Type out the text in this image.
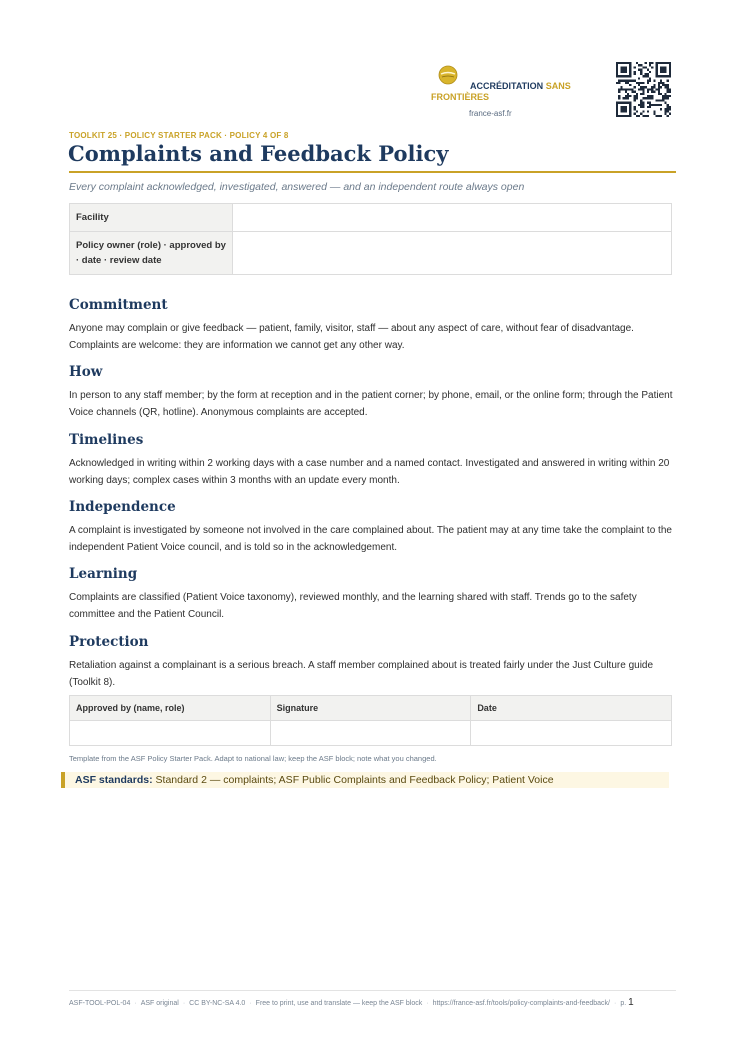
ACCRÉDITATION SANS
FRONTIÈRES
france-asf.fr
TOOLKIT 25 · POLICY STARTER PACK · POLICY 4 OF 8
Complaints and Feedback Policy
Every complaint acknowledged, investigated, answered — and an independent route always open
Facility	
Policy owner (role) · approved by · date · review date	
Commitment

Anyone may complain or give feedback — patient, family, visitor, staff — about any aspect of care, without fear of disadvantage. Complaints are welcome: they are information we cannot get any other way.

How

In person to any staff member; by the form at reception and in the patient corner; by phone, email, or the online form; through the Patient Voice channels (QR, hotline). Anonymous complaints are accepted.

Timelines

Acknowledged in writing within 2 working days with a case number and a named contact. Investigated and answered in writing within 20 working days; complex cases within 3 months with an update every month.

Independence

A complaint is investigated by someone not involved in the care complained about. The patient may at any time take the complaint to the independent Patient Voice council, and is told so in the acknowledgement.

Learning

Complaints are classified (Patient Voice taxonomy), reviewed monthly, and the learning shared with staff. Trends go to the safety committee and the Patient Council.

Protection

Retaliation against a complainant is a serious breach. A staff member complained about is treated fairly under the Just Culture guide (Toolkit 8).

Approved by (name, role)	Signature	Date

Template from the ASF Policy Starter Pack. Adapt to national law; keep the ASF block; note what you changed.
ASF standards: Standard 2 — complaints; ASF Public Complaints and Feedback Policy; Patient Voice
ASF-TOOL-POL-04 · ASF original · CC BY-NC-SA 4.0 · Free to print, use and translate — keep the ASF block · https://france-asf.fr/tools/policy-complaints-and-feedback/ · p. 1
